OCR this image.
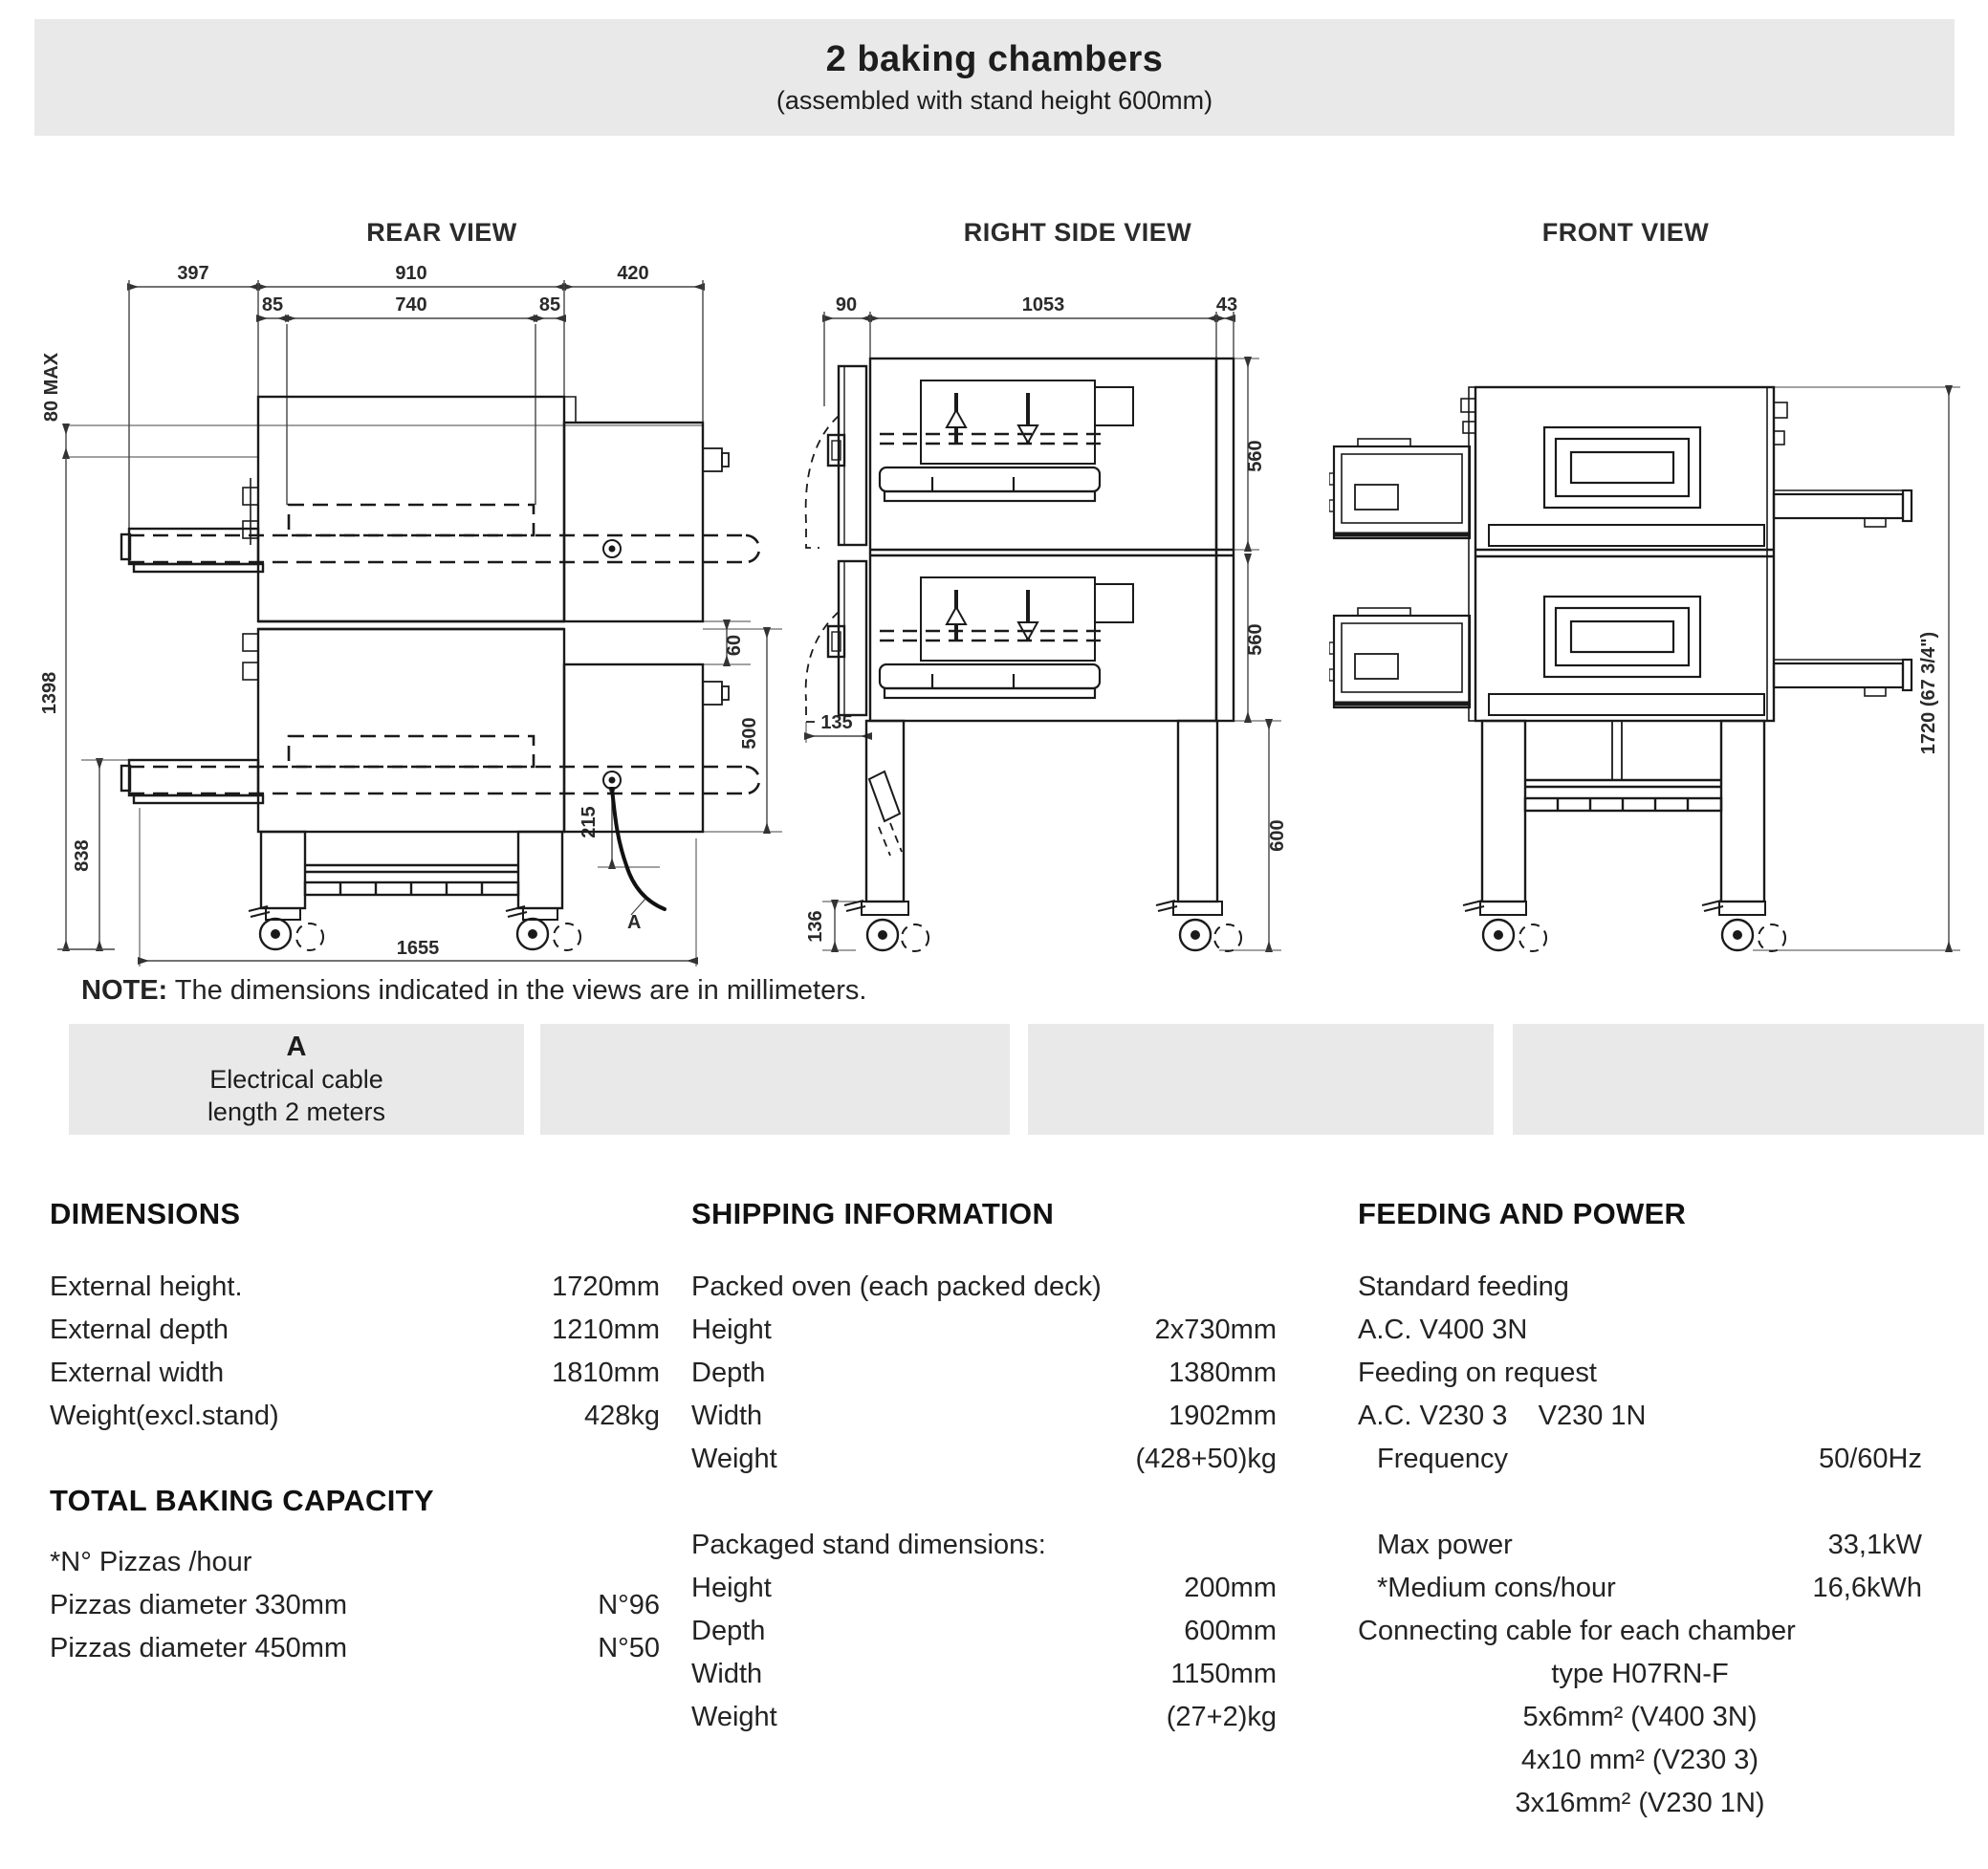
2 baking chambers
(assembled with stand height 600mm)
REAR VIEW	RIGHT SIDE VIEW	FRONT VIEW
397	910	420
85	740	85
80 MAX
1398
838
60
500
215
1655
A
90	1053	43
560
560
600
135
136
1720 (67 3/4")
NOTE: The dimensions indicated in the views are in millimeters.
A
Electrical cable
length 2 meters
DIMENSIONS
External height.	1720mm
External depth	1210mm
External width	1810mm
Weight(excl.stand)	428kg
TOTAL BAKING CAPACITY
*N° Pizzas /hour
Pizzas diameter 330mm	N°96
Pizzas diameter 450mm	N°50
SHIPPING INFORMATION
Packed oven (each packed deck)
Height	2x730mm
Depth	1380mm
Width	1902mm
Weight	(428+50)kg
Packaged stand dimensions:
Height	200mm
Depth	600mm
Width	1150mm
Weight	(27+2)kg
FEEDING AND POWER
Standard feeding
A.C. V400 3N
Feeding on request
A.C. V230 3    V230 1N
Frequency	50/60Hz
Max power	33,1kW
*Medium cons/hour	16,6kWh
Connecting cable for each chamber
type H07RN-F
5x6mm² (V400 3N)
4x10 mm² (V230 3)
3x16mm² (V230 1N)
